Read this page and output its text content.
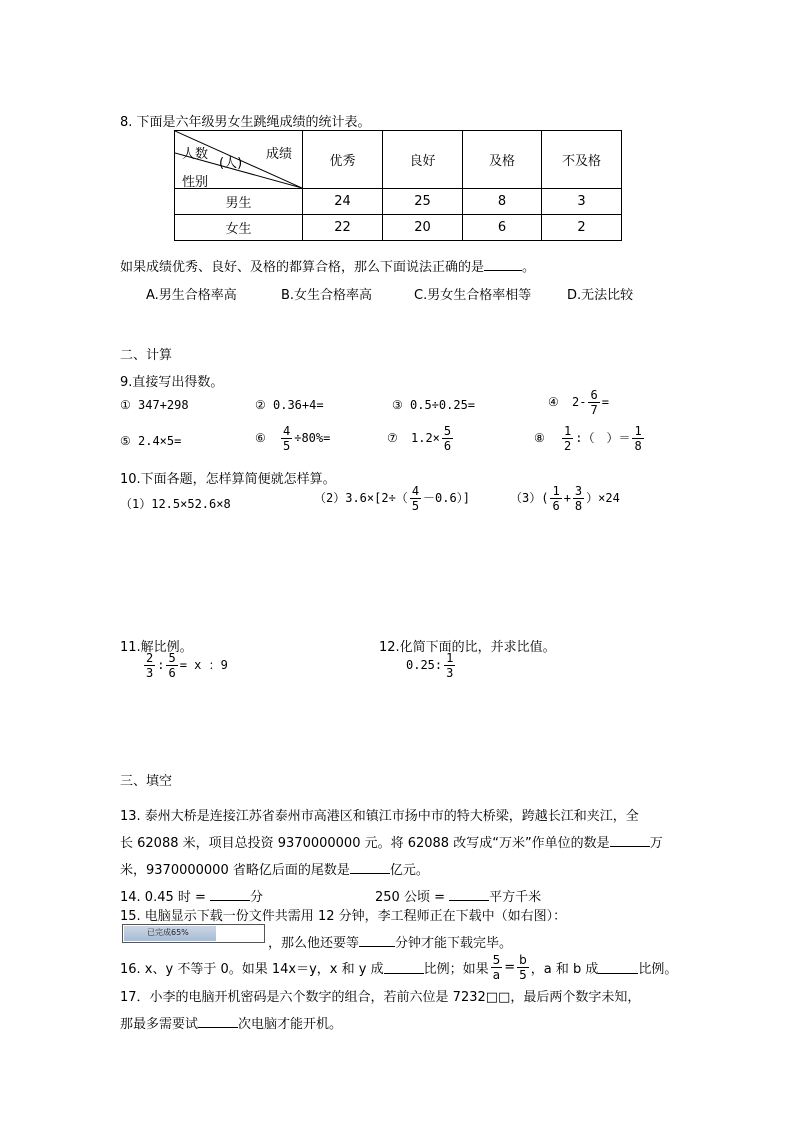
8. 下面是六年级男女生跳绳成绩的统计表。
人数
(人)
成绩
性别	优秀	良好	及格	不及格
男生	24	25	8	3
女生	22	20	6	2
如果成绩优秀、良好、及格的都算合格，那么下面说法正确的是	。
A.男生合格率高	B.女生合格率高	C.男女生合格率相等	D.无法比较
二、计算
9.直接写出得数。
① 347+298	② 0.36+4=	③ 0.5÷0.25=	④ $2- \frac{6}{7}$ =
⑤ 2.4×5=	⑥ $\frac{4}{5} \div 80\%=$	⑦ $1.2\times \frac{5}{6}$	⑧ $\frac{1}{2}$ :（　）＝ $\frac{1}{8}$
10.下面各题，怎样算简便就怎样算。
（1）12.5×52.6×8	$(2)3.6\times[2\div( \frac{4}{5} -0.6)]$	$(3)( \frac{1}{6} + \frac{3}{8} )\times 24$
11.解比例。
$\frac{2}{3}$ : $\frac{5}{6} = x$ ：9
12.化简下面的比，并求比值。
0.25: $\frac{1}{3}$
三、填空
13. 泰州大桥是连接江苏省泰州市高港区和镇江市扬中市的特大桥梁，跨越长江和夹江，全
长 62088 米，项目总投资 9370000000 元。将 62088 改写成“万米”作单位的数是	万
米，9370000000 省略亿后面的尾数是	亿元。
14. 0.45 时 =	分	250 公顷 =	平方千米
15. 电脑显示下载一份文件共需用 12 分钟，李工程师正在下载中（如右图）：
已完成65%
，那么他还要等	分钟才能下载完毕。
16. x、y 不等于 0。如果 14x＝y，x 和 y 成	比例；如果 $\frac{5}{a} = \frac{b}{5}$ ，a 和 b 成	比例。
17．小李的电脑开机密码是六个数字的组合，若前六位是 7232□□，最后两个数字未知，
那最多需要试	次电脑才能开机。
